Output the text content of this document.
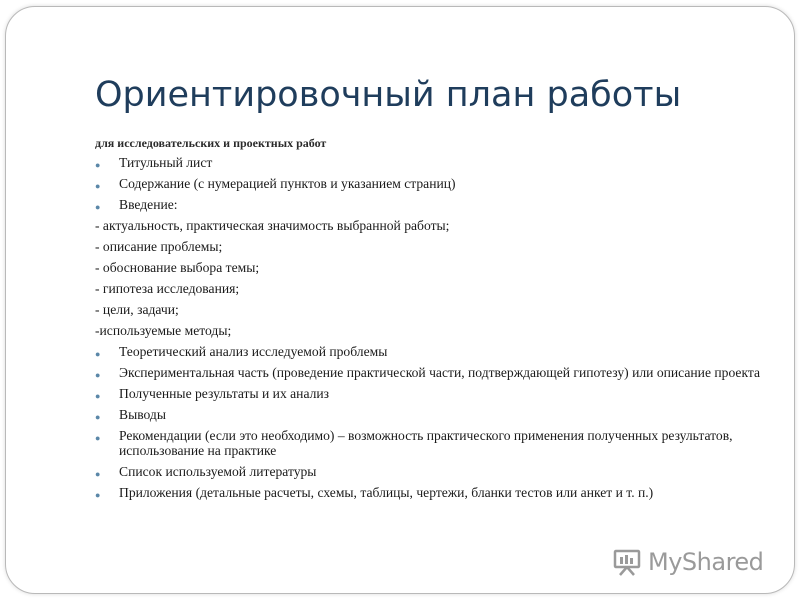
Ориентировочный план работы
для исследовательских и проектных работ
● Титульный лист
● Содержание (с нумерацией пунктов и указанием страниц)
● Введение:
- актуальность, практическая значимость выбранной работы;
- описание проблемы;
- обоснование выбора темы;
- гипотеза исследования;
- цели, задачи;
-используемые методы;
● Теоретический анализ исследуемой проблемы
● Экспериментальная часть (проведение практической части, подтверждающей гипотезу) или описание проекта
● Полученные результаты и их анализ
● Выводы
● Рекомендации (если это необходимо) – возможность практического применения полученных результатов, использование на практике
● Список используемой литературы
● Приложения (детальные расчеты, схемы, таблицы, чертежи, бланки тестов или анкет и т. п.)
MyShared
